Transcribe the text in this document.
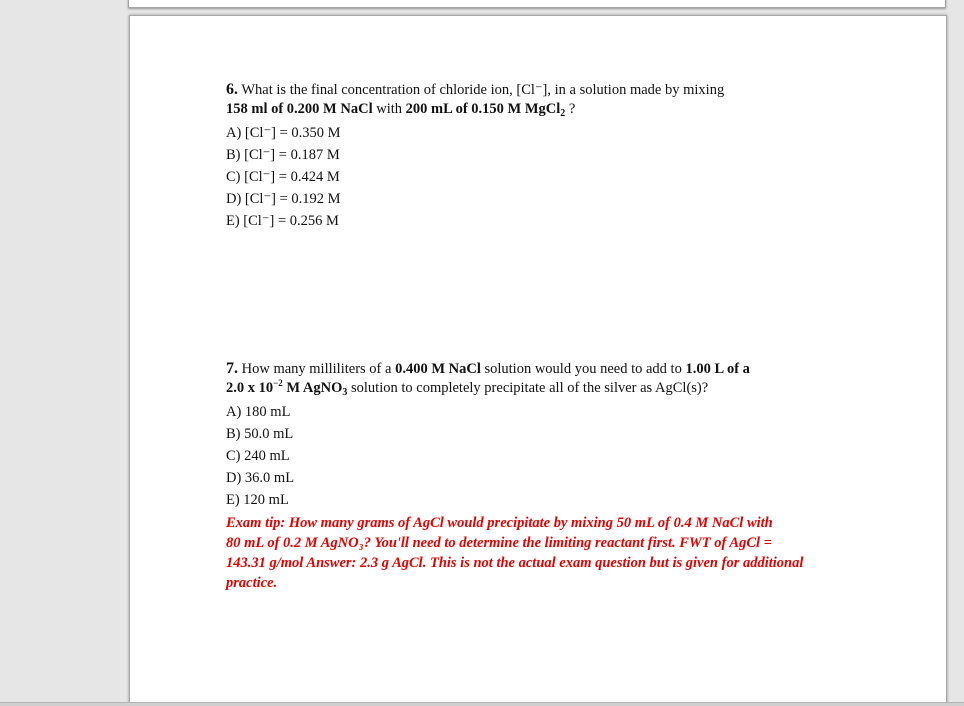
6. What is the final concentration of chloride ion, [Cl⁻], in a solution made by mixing
158 ml of 0.200 M NaCl with 200 mL of 0.150 M MgCl$_2$ ?
A) [Cl⁻] = 0.350 M
B) [Cl⁻] = 0.187 M
C) [Cl⁻] = 0.424 M
D) [Cl⁻] = 0.192 M
E) [Cl⁻] = 0.256 M
7. How many milliliters of a 0.400 M NaCl solution would you need to add to 1.00 L of a
2.0 x $10^{-2}$ M AgNO$_3$ solution to completely precipitate all of the silver as AgCl(s)?
A) 180 mL
B) 50.0 mL
C) 240 mL
D) 36.0 mL
E) 120 mL
Exam tip: How many grams of AgCl would precipitate by mixing 50 mL of 0.4 M NaCl with
80 mL of 0.2 M AgNO₃? You'll need to determine the limiting reactant first. FWT of AgCl =
143.31 g/mol Answer: 2.3 g AgCl. This is not the actual exam question but is given for additional
practice.
